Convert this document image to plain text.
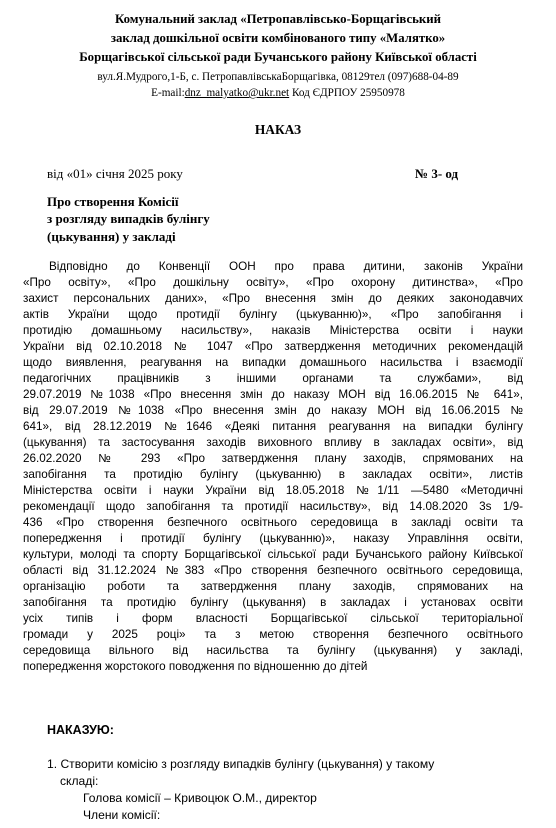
Комунальний заклад «Петропавлівсько-Борщагівський
заклад дошкільної освіти комбінованого типу «Малятко»
Борщагівської сільської ради Бучанського району Київської області
вул.Я.Мудрого,1-Б, с. ПетропавлівськаБорщагівка, 08129тел (097)688-04-89
E-mail:dnz_malyatko@ukr.net Код ЄДРПОУ 25950978
НАКАЗ
від «01» січня 2025 року	№ 3- од
Про створення Комісії
з розгляду випадків булінгу
(цькування) у закладі
Відповідно до Конвенції ООН про права дитини, законів України
«Про освіту», «Про дошкільну освіту», «Про охорону дитинства», «Про
захист персональних даних», «Про внесення змін до деяких законодавчих
актів України щодо протидії булінгу (цькуванню)», «Про запобігання і
протидію домашньому насильству», наказів Міністерства освіти і науки
України від 02.10.2018 № 1047 «Про затвердження методичних рекомендацій
щодо виявлення, реагування на випадки домашнього насильства і взаємодії
педагогічних працівників з іншими органами та службами», від
29.07.2019 №1038 «Про внесення змін до наказу МОН від 16.06.2015 № 641»,
від 29.07.2019 №1038 «Про внесення змін до наказу МОН від 16.06.2015 №
641», від 28.12.2019 №1646 «Деякі питання реагування на випадки булінгу
(цькування) та застосування заходів виховного впливу в закладах освіти», від
26.02.2020 № 293 «Про затвердження плану заходів, спрямованих на
запобігання та протидію булінгу (цькуванню) в закладах освіти», листів
Міністерства освіти і науки України від 18.05.2018 №1/11 —5480 «Методичні
рекомендації щодо запобігання та протидії насильству», від 14.08.2020 3s 1/9-
436 «Про створення безпечного освітнього середовища в закладі освіти та
попередження і протидії булінгу (цькуванню)», наказу Управління освіти,
культури, молоді та спорту Борщагівської сільської ради Бучанського району Київської
області від 31.12.2024 №383 «Про створення безпечного освітнього середовища,
організацію роботи та затвердження плану заходів, спрямованих на
запобігання та протидію булінгу (цькування) в закладах і установах освіти
усіх типів і форм власності Борщагівської сільської територіальної
громади у 2025 році» та з метою створення безпечного освітнього
середовища вільного від насильства та булінгу (цькування) у закладі,
попередження жорстокого поводження по відношенню до дітей
НАКАЗУЮ:
1. Створити комісію з розгляду випадків булінгу (цькування) у такому
складі:
Голова комісії – Кривоцюк О.М., директор
Члени комісії:
